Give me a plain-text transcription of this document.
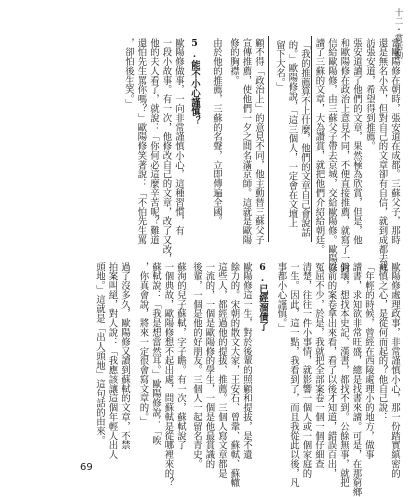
十二・賞活動
當歐陽修在朝時，張安道在成都。三蘇父子，那時
還是無名小卒，但對自己的文章卻有自信，就到成都去拜
訪張安道，希望得到推薦。
張安道讀了他們的文章，果然極為欣賞，但是，他
和歐陽修在政治上意見不同，不便直接推薦，就寫了一封
信給歐陽修，由三蘇父子帶去京城，交給歐陽修。歐陽修
讀了三蘇的文章，大為讚賞，就把他們介紹給朝廷。
「我的推薦算不上什麼，他們的文章自己會說話
的。」歐陽修說，「這三個人，一定會在文壇上
留下大名。」
顧不得「政治上」的意見不同，他主動替三蘇父子
宣傳推薦，使他們一夕之間名滿京師。這就是歐陽
修的胸襟。
由於他的推薦，三蘇的名聲，立即傳遍全國。
5.能不小心謹慎？
歐陽修做事，一向非常謹慎小心，這種習慣，有
一段小故事。有一次，他修改自己的文章，改了又改，
他的夫人看了，就說：「你何必這麼辛苦呢？難道
還怕先生罵你嗎？」歐陽修笑著說：「不怕先生罵
，卻怕後生笑。」
歐陽修處理政事，非常謹慎小心，那一份踏實縝密的
戒慎之心，是從何而起的？他自己說：
「年輕的時候，曾經在西陵處理小的地方，做事
讀書，求知欲非常旺盛，總是找書來讀。可是，在那窮鄉
僻壤，想找本史記、漢書，都找不到。公餘無事，就把
以前的案卷拿出來看，看了以後才知道，錯誤百出，
冤屈不少，於是，我就把全部案卷一個一個仔細查
清楚，往往一件小事情，就影響一個人或一個家庭的
一生。因此，這一點，我看到了，而且我從此以後，凡
事都小心謹慎。」
6.已經溜債了
歐陽修這一生，對於後輩的照顧和提拔，是不遺
餘力的。宋朝的散文大家，王安石、曾鞏、蘇軾、蘇轍
這些人，都經過他的提拔、推薦。三個人寫文章都是
一流的，一個是歐陽修的學生，一個是他最賞識的
後輩，一個是他的好朋友。三個人一起留名青史。
蘇洵的兒子蘇軾，字子瞻。有一次，蘇軾說了
一個典故，歐陽修想不起出處，問蘇軾是從哪裡來的？
蘇軾說：「我是想當然耳。」歐陽修說：「唉
，你真會說，將來一定很會寫文章的。」
過了沒多久，歐陽修又讀到蘇軾的文章，不禁
拍案叫絕，對人說：「我應該讓這個年輕人出人
頭地。」這就是「出人頭地」這句話的由來。
69
